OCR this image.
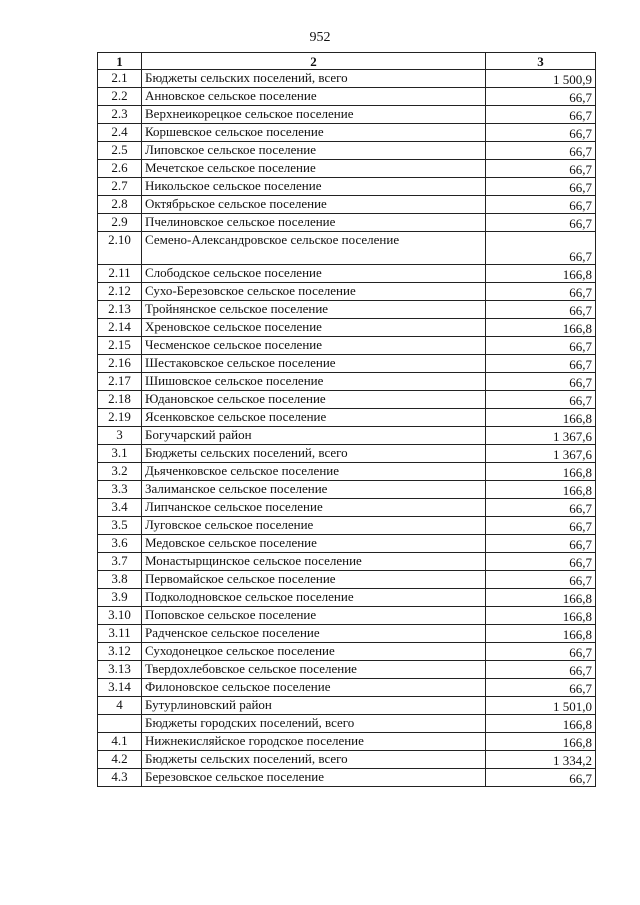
952
1	2	3
2.1	Бюджеты сельских поселений, всего	1 500,9
2.2	Анновское сельское поселение	66,7
2.3	Верхнеикорецкое сельское поселение	66,7
2.4	Коршевское сельское поселение	66,7
2.5	Липовское сельское поселение	66,7
2.6	Мечетское сельское поселение	66,7
2.7	Никольское сельское поселение	66,7
2.8	Октябрьское сельское поселение	66,7
2.9	Пчелиновское сельское поселение	66,7
2.10	Семено-Александровское сельское поселение	66,7
2.11	Слободское сельское поселение	166,8
2.12	Сухо-Березовское сельское поселение	66,7
2.13	Тройнянское сельское поселение	66,7
2.14	Хреновское сельское поселение	166,8
2.15	Чесменское сельское поселение	66,7
2.16	Шестаковское сельское поселение	66,7
2.17	Шишовское сельское поселение	66,7
2.18	Юдановское сельское поселение	66,7
2.19	Ясенковское сельское поселение	166,8
3	Богучарский район	1 367,6
3.1	Бюджеты сельских поселений, всего	1 367,6
3.2	Дьяченковское сельское поселение	166,8
3.3	Залиманское сельское поселение	166,8
3.4	Липчанское сельское поселение	66,7
3.5	Луговское сельское поселение	66,7
3.6	Медовское сельское поселение	66,7
3.7	Монастырщинское сельское поселение	66,7
3.8	Первомайское сельское поселение	66,7
3.9	Подколодновское сельское поселение	166,8
3.10	Поповское сельское поселение	166,8
3.11	Радченское сельское поселение	166,8
3.12	Суходонецкое сельское поселение	66,7
3.13	Твердохлебовское сельское поселение	66,7
3.14	Филоновское сельское поселение	66,7
4	Бутурлиновский район	1 501,0
	Бюджеты городских поселений, всего	166,8
4.1	Нижнекисляйское городское поселение	166,8
4.2	Бюджеты сельских поселений, всего	1 334,2
4.3	Березовское сельское поселение	66,7
